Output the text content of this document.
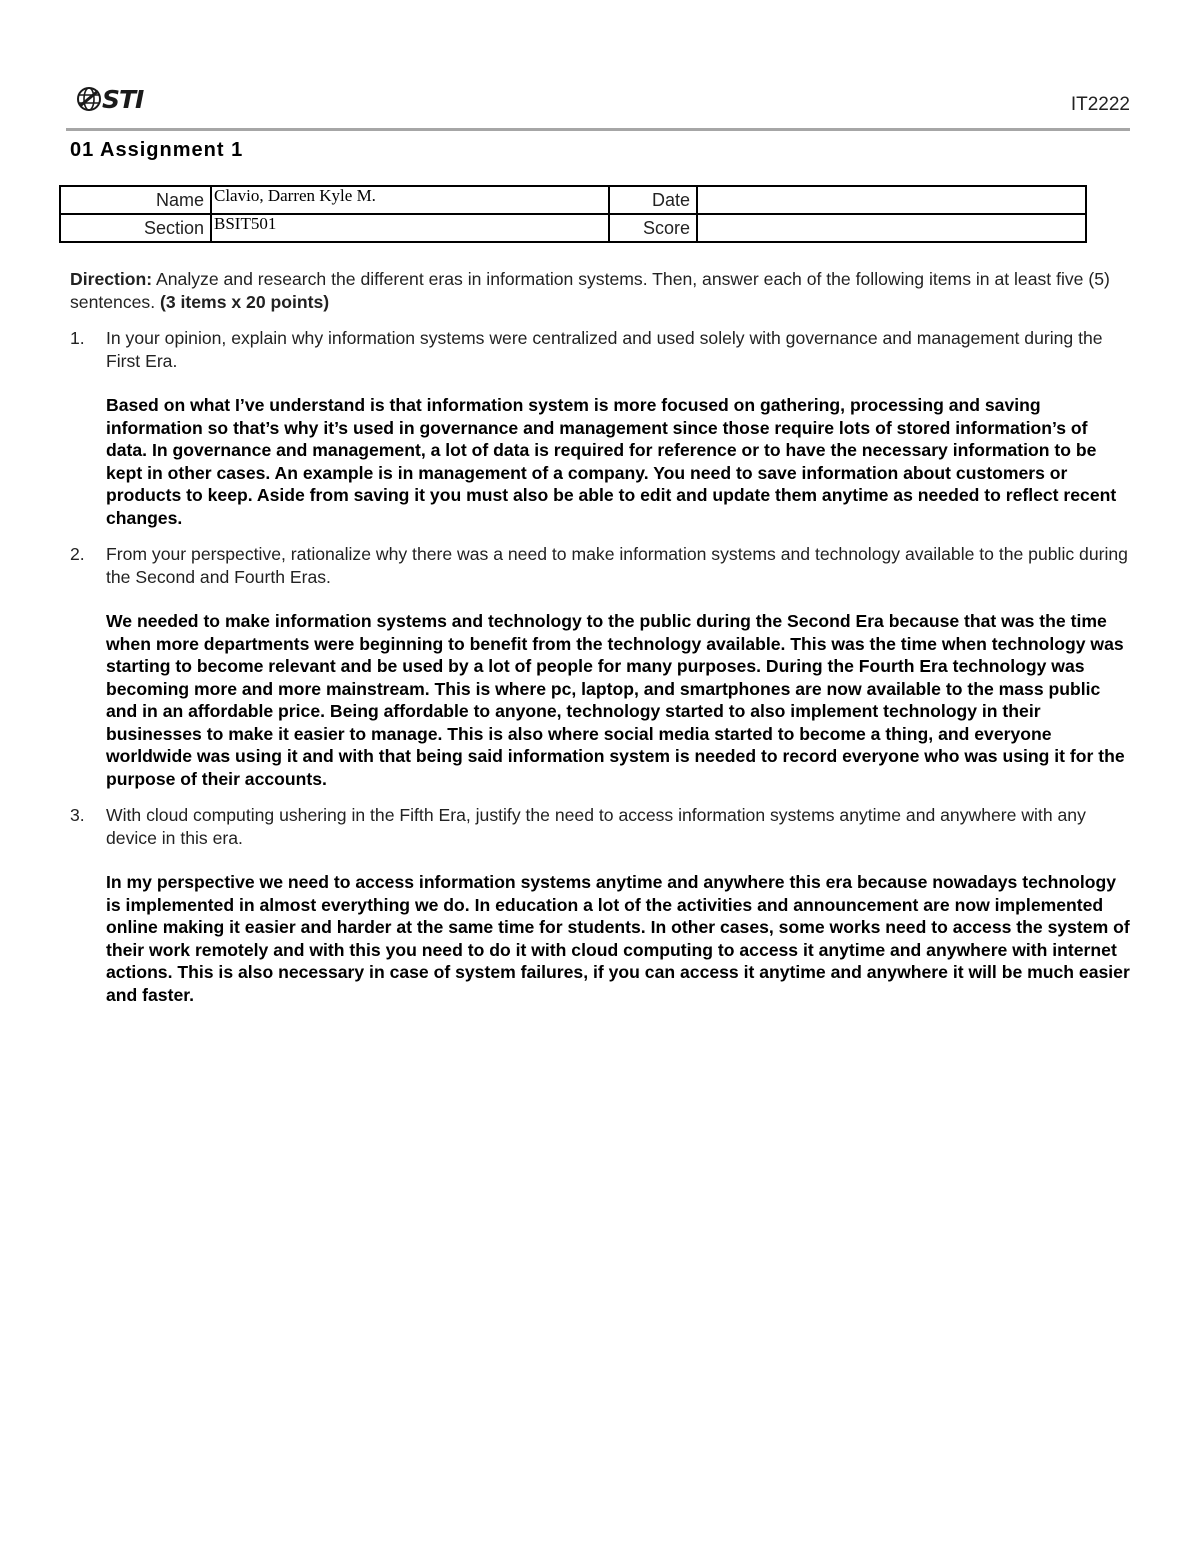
STI	IT2222
01 Assignment 1
Name	Clavio, Darren Kyle M.	Date	
Section	BSIT501	Score	

Direction: Analyze and research the different eras in information systems. Then, answer each of the following items in at least five (5) sentences. (3 items x 20 points)

1.	In your opinion, explain why information systems were centralized and used solely with governance and management during the First Era.

Based on what I’ve understand is that information system is more focused on gathering, processing and saving information so that’s why it’s used in governance and management since those require lots of stored information’s of data. In governance and management, a lot of data is required for reference or to have the necessary information to be kept in other cases. An example is in management of a company. You need to save information about customers or products to keep. Aside from saving it you must also be able to edit and update them anytime as needed to reflect recent changes.

2.	From your perspective, rationalize why there was a need to make information systems and technology available to the public during the Second and Fourth Eras.

We needed to make information systems and technology to the public during the Second Era because that was the time when more departments were beginning to benefit from the technology available. This was the time when technology was starting to become relevant and be used by a lot of people for many purposes. During the Fourth Era technology was becoming more and more mainstream. This is where pc, laptop, and smartphones are now available to the mass public and in an affordable price. Being affordable to anyone, technology started to also implement technology in their businesses to make it easier to manage. This is also where social media started to become a thing, and everyone worldwide was using it and with that being said information system is needed to record everyone who was using it for the purpose of their accounts.

3.	With cloud computing ushering in the Fifth Era, justify the need to access information systems anytime and anywhere with any device in this era.

In my perspective we need to access information systems anytime and anywhere this era because nowadays technology is implemented in almost everything we do. In education a lot of the activities and announcement are now implemented online making it easier and harder at the same time for students. In other cases, some works need to access the system of their work remotely and with this you need to do it with cloud computing to access it anytime and anywhere with internet actions. This is also necessary in case of system failures, if you can access it anytime and anywhere it will be much easier and faster.
